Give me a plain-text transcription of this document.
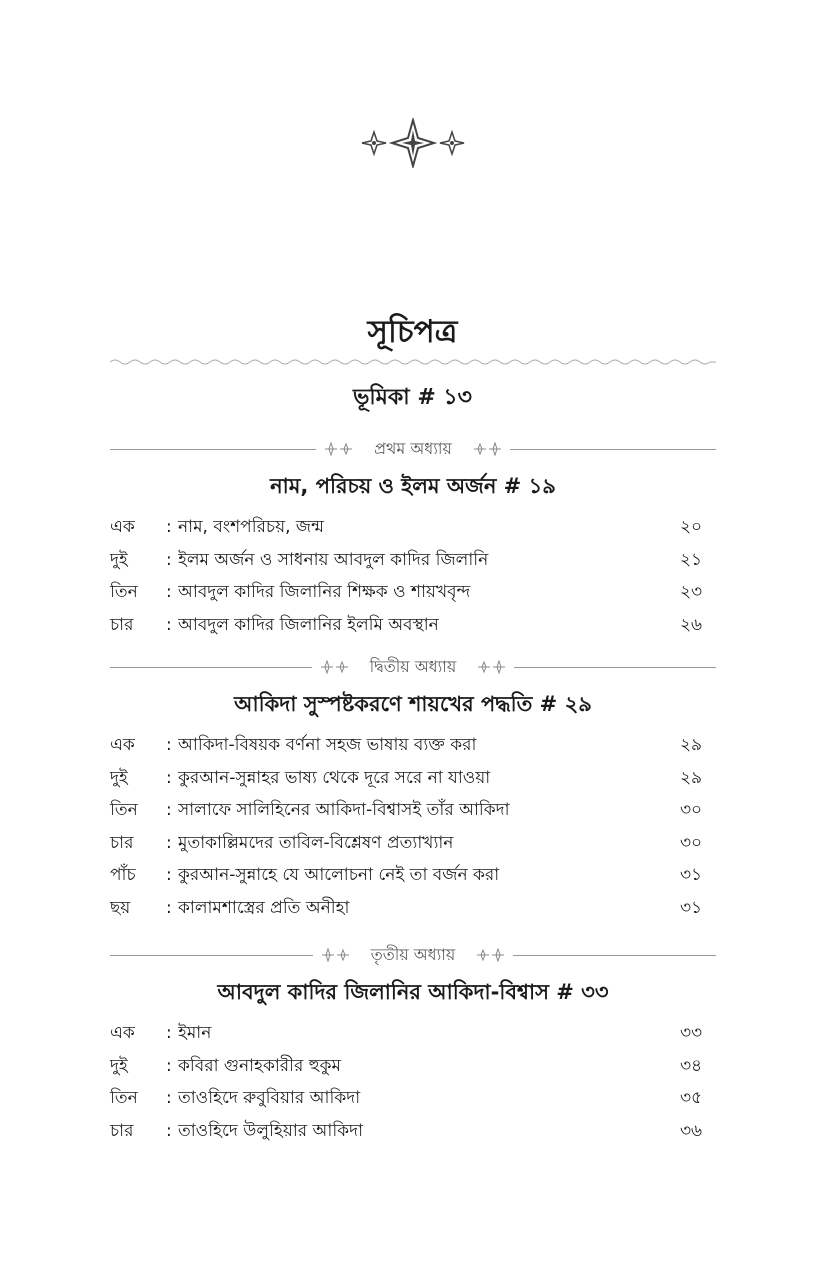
সূচিপত্র
ভূমিকা # ১৩
প্রথম অধ্যায়
নাম, পরিচয় ও ইলম অর্জন # ১৯
এক	: নাম, বংশপরিচয়, জন্ম	২০
দুই	: ইলম অর্জন ও সাধনায় আবদুল কাদির জিলানি	২১
তিন	: আবদুল কাদির জিলানির শিক্ষক ও শায়খবৃন্দ	২৩
চার	: আবদুল কাদির জিলানির ইলমি অবস্থান	২৬
দ্বিতীয় অধ্যায়
আকিদা সুস্পষ্টকরণে শায়খের পদ্ধতি # ২৯
এক	: আকিদা-বিষয়ক বর্ণনা সহজ ভাষায় ব্যক্ত করা	২৯
দুই	: কুরআন-সুন্নাহর ভাষ্য থেকে দূরে সরে না যাওয়া	২৯
তিন	: সালাফে সালিহিনের আকিদা-বিশ্বাসই তাঁর আকিদা	৩০
চার	: মুতাকাল্লিমদের তাবিল-বিশ্লেষণ প্রত্যাখ্যান	৩০
পাঁচ	: কুরআন-সুন্নাহে যে আলোচনা নেই তা বর্জন করা	৩১
ছয়	: কালামশাস্ত্রের প্রতি অনীহা	৩১
তৃতীয় অধ্যায়
আবদুল কাদির জিলানির আকিদা-বিশ্বাস # ৩৩
এক	: ইমান	৩৩
দুই	: কবিরা গুনাহকারীর হুকুম	৩৪
তিন	: তাওহিদে রুবুবিয়ার আকিদা	৩৫
চার	: তাওহিদে উলুহিয়ার আকিদা	৩৬
